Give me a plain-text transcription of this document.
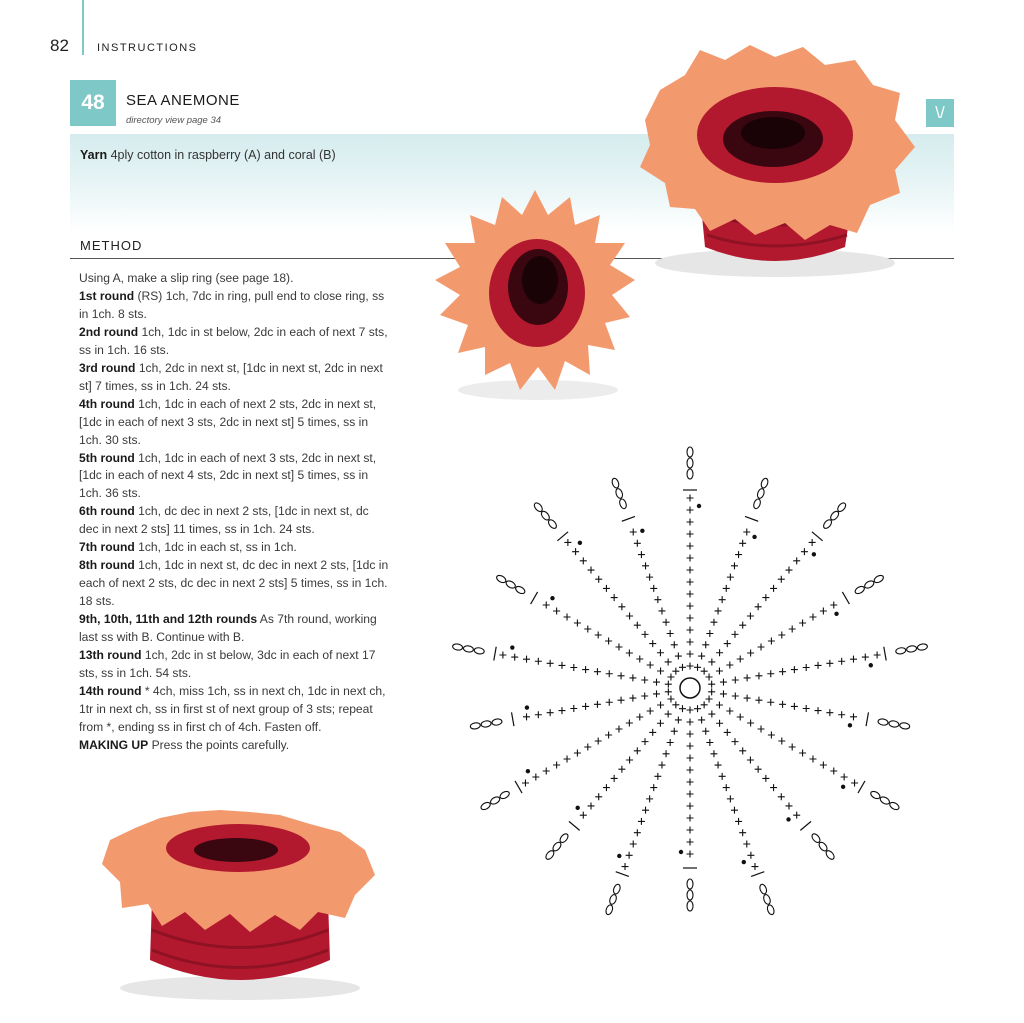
82	INSTRUCTIONS
48	SEA ANEMONE
directory view page 34	\/
Yarn 4ply cotton in raspberry (A) and coral (B)
METHOD

Using A, make a slip ring (see page 18).

1st round (RS) 1ch, 7dc in ring, pull end to close ring, ss in 1ch. 8 sts.

2nd round 1ch, 1dc in st below, 2dc in each of next 7 sts, ss in 1ch. 16 sts.

3rd round 1ch, 2dc in next st, [1dc in next st, 2dc in next st] 7 times, ss in 1ch. 24 sts.

4th round 1ch, 1dc in each of next 2 sts, 2dc in next st, [1dc in each of next 3 sts, 2dc in next st] 5 times, ss in 1ch. 30 sts.

5th round 1ch, 1dc in each of next 3 sts, 2dc in next st, [1dc in each of next 4 sts, 2dc in next st] 5 times, ss in 1ch. 36 sts.

6th round 1ch, dc dec in next 2 sts, [1dc in next st, dc dec in next 2 sts] 11 times, ss in 1ch. 24 sts.

7th round 1ch, 1dc in each st, ss in 1ch.

8th round 1ch, 1dc in next st, dc dec in next 2 sts, [1dc in each of next 2 sts, dc dec in next 2 sts] 5 times, ss in 1ch. 18 sts.

9th, 10th, 11th and 12th rounds As 7th round, working last ss with B. Continue with B.

13th round 1ch, 2dc in st below, 3dc in each of next 17 sts, ss in 1ch. 54 sts.

14th round * 4ch, miss 1ch, ss in next ch, 1dc in next ch, 1tr in next ch, ss in first st of next group of 3 sts; repeat from *, ending ss in first ch of 4ch. Fasten off.

MAKING UP Press the points carefully.
